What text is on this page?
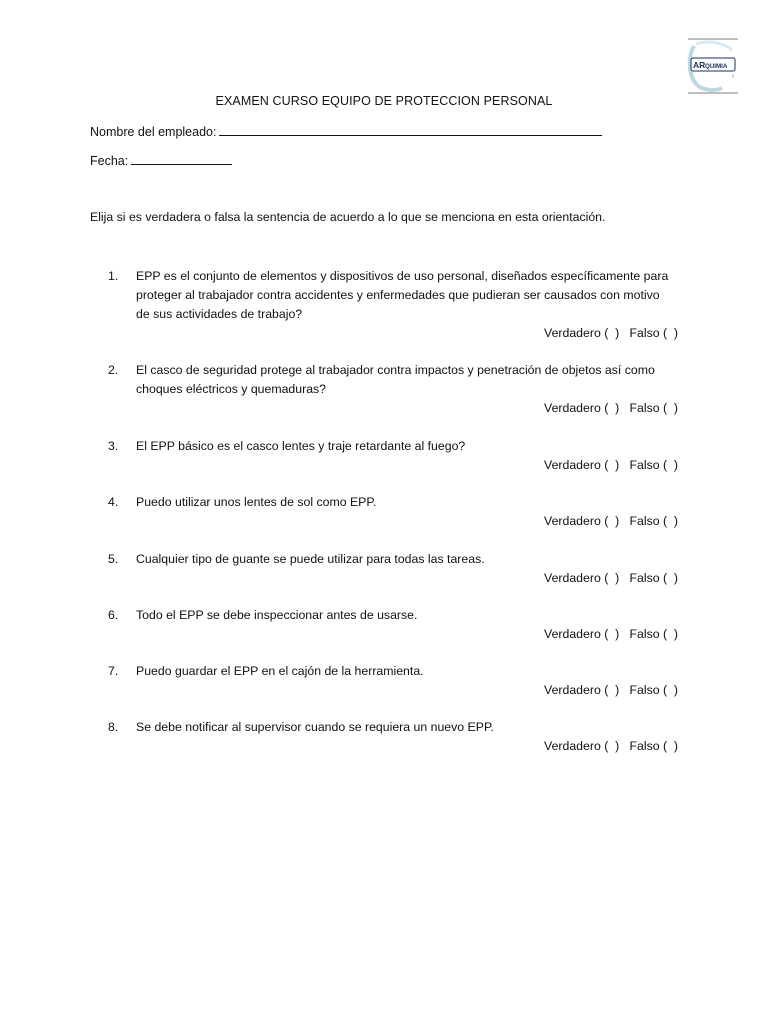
AR QUIMIA
EXAMEN CURSO EQUIPO DE PROTECCION PERSONAL
Nombre del empleado:
Fecha:
Elija si es verdadera o falsa la sentencia de acuerdo a lo que se menciona en esta orientación.
1.	EPP es el conjunto de elementos y dispositivos de uso personal, diseñados específicamente para
proteger al trabajador contra accidentes y enfermedades que pudieran ser causados con motivo
de sus actividades de trabajo?
Verdadero (  ) Falso (  )
2.	El casco de seguridad protege al trabajador contra impactos y penetración de objetos así como
choques eléctricos y quemaduras?
Verdadero (  ) Falso (  )
3.	El EPP básico es el casco lentes y traje retardante al fuego?
Verdadero (  ) Falso (  )
4.	Puedo utilizar unos lentes de sol como EPP.
Verdadero (  ) Falso (  )
5.	Cualquier tipo de guante se puede utilizar para todas las tareas.
Verdadero (  ) Falso (  )
6.	Todo el EPP se debe inspeccionar antes de usarse.
Verdadero (  ) Falso (  )
7.	Puedo guardar el EPP en el cajón de la herramienta.
Verdadero (  ) Falso (  )
8.	Se debe notificar al supervisor cuando se requiera un nuevo EPP.
Verdadero (  ) Falso (  )
